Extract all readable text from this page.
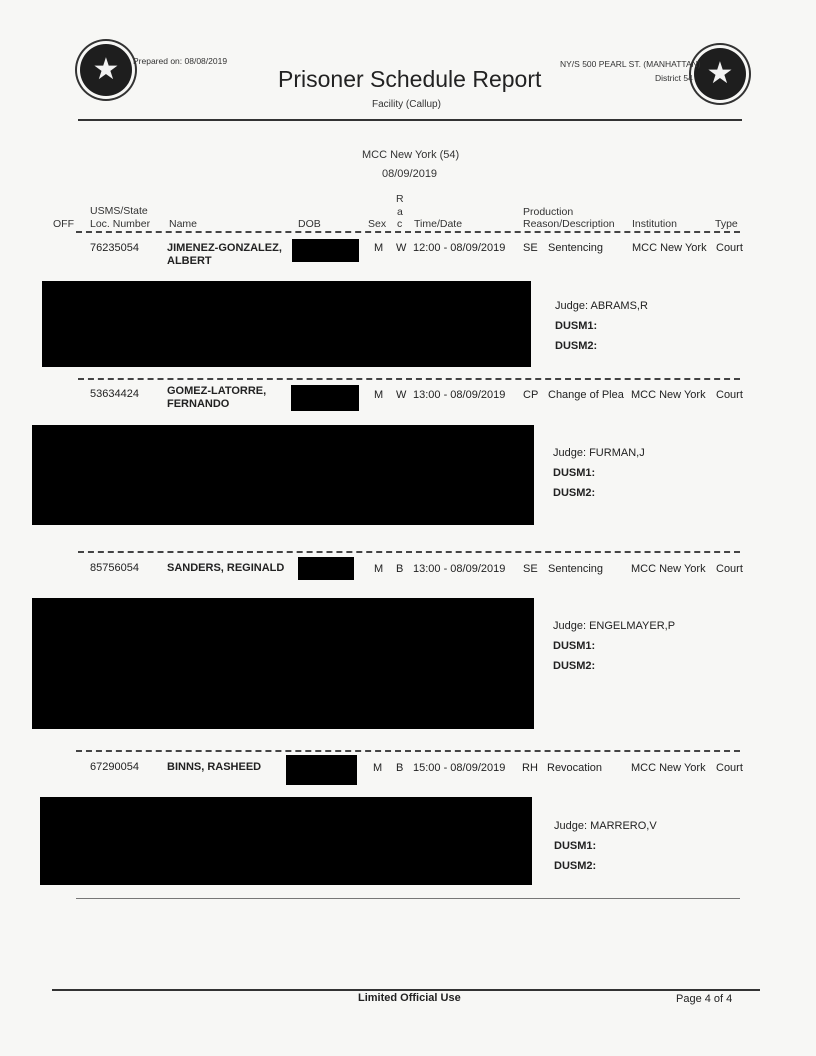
★	★
Prepared on: 08/08/2019
Prisoner Schedule Report
Facility (Callup)
NY/S 500 PEARL ST. (MANHATTAN)
District 54
MCC New York (54)
08/09/2019
OFF
USMS/State
Loc. Number Name	DOB	Sex
R
a
c Time/Date
Production
Reason/Description Institution	Type
76235054	JIMENEZ-GONZALEZ,
ALBERT
M W 12:00 - 08/09/2019 SE Sentencing	MCC New York Court
Judge: ABRAMS,R
DUSM1:
DUSM2:
53634424	GOMEZ-LATORRE,
FERNANDO
M W 13:00 - 08/09/2019 CP Change of Plea MCC New York Court
Judge: FURMAN,J
DUSM1:
DUSM2:
85756054	SANDERS, REGINALD	M B 13:00 - 08/09/2019 SE Sentencing	MCC New York Court
Judge: ENGELMAYER,P
DUSM1:
DUSM2:
67290054	BINNS, RASHEED	M B 15:00 - 08/09/2019 RH Revocation	MCC New York Court
Judge: MARRERO,V
DUSM1:
DUSM2:
Limited Official Use	Page 4 of 4
